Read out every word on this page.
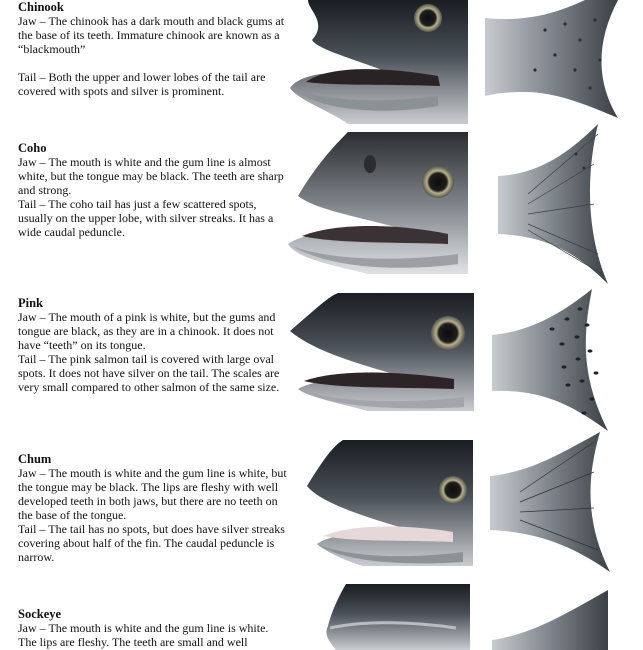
Chinook

Jaw – The chinook has a dark mouth and black gums at the base of its teeth. Immature chinook are known as a “blackmouth”

Tail – Both the upper and lower lobes of the tail are covered with spots and silver is prominent.

Coho

Jaw – The mouth is white and the gum line is almost white, but the tongue may be black. The teeth are sharp and strong.

Tail – The coho tail has just a few scattered spots, usually on the upper lobe, with silver streaks. It has a wide caudal peduncle.

Pink

Jaw – The mouth of a pink is white, but the gums and tongue are black, as they are in a chinook. It does not have “teeth” on its tongue.

Tail – The pink salmon tail is covered with large oval spots. It does not have silver on the tail. The scales are very small compared to other salmon of the same size.

Chum

Jaw – The mouth is white and the gum line is white, but the tongue may be black. The lips are fleshy with well developed teeth in both jaws, but there are no teeth on the base of the tongue.

Tail – The tail has no spots, but does have silver streaks covering about half of the fin. The caudal peduncle is narrow.

Sockeye

Jaw – The mouth is white and the gum line is white. The lips are fleshy. The teeth are small and well
